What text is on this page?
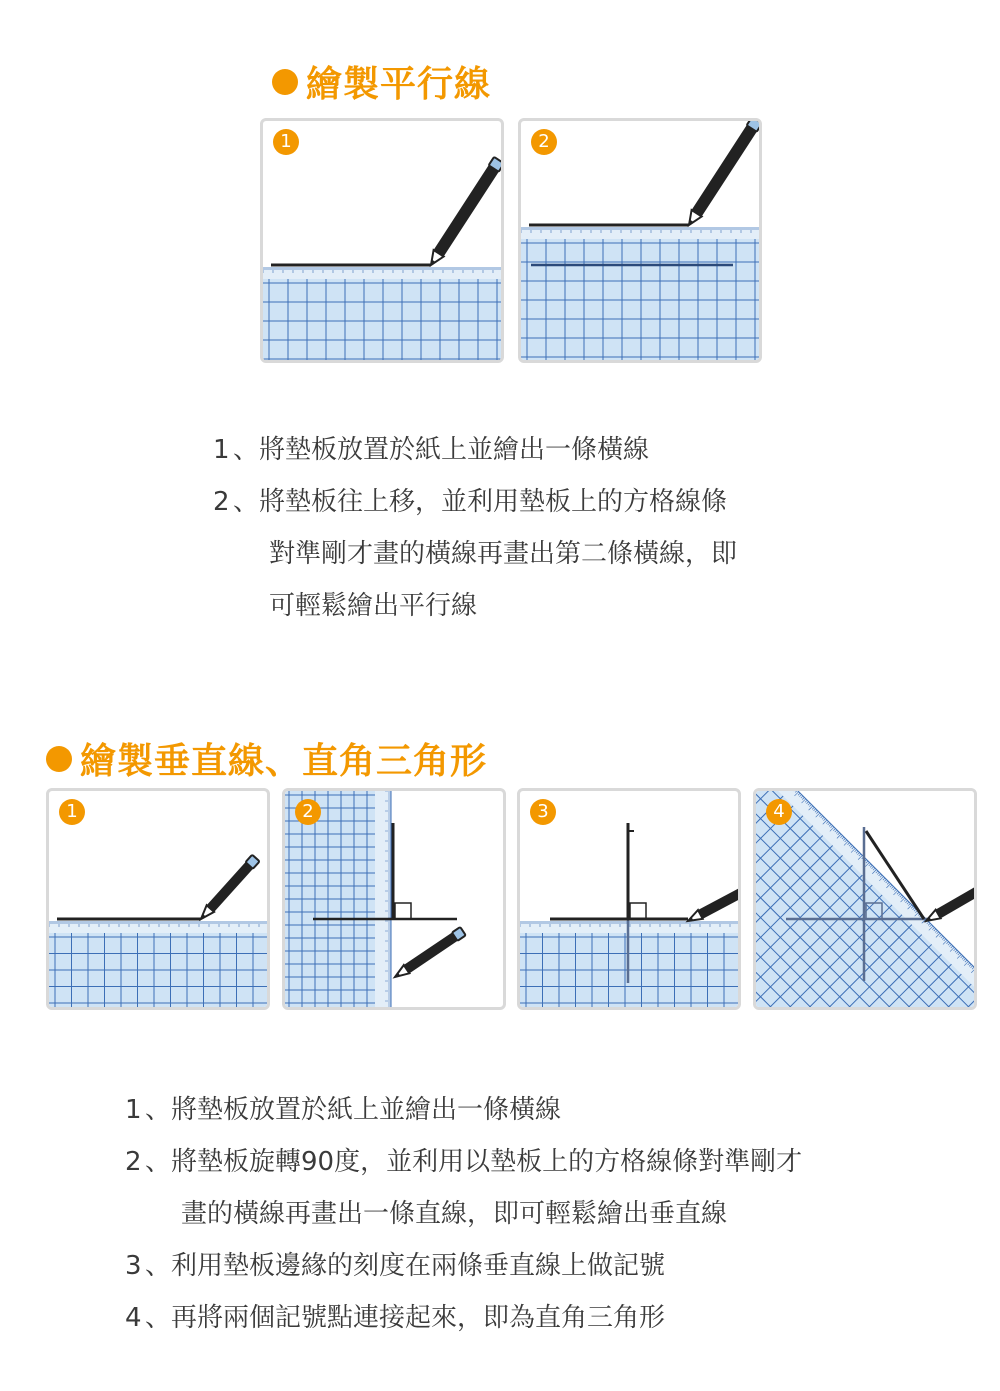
繪製平行線
1	2
1 、將墊板放置於紙上並繪出一條橫線
2 、將墊板往上移，並利用墊板上的方格線條
對準剛才畫的橫線再畫出第二條橫線，即
可輕鬆繪出平行線
繪製垂直線、直角三角形
1	2	3	4
1 、將墊板放置於紙上並繪出一條橫線
2 、將墊板旋轉90度，並利用以墊板上的方格線條對準剛才
畫的橫線再畫出一條直線，即可輕鬆繪出垂直線
3 、利用墊板邊緣的刻度在兩條垂直線上做記號
4 、再將兩個記號點連接起來，即為直角三角形
